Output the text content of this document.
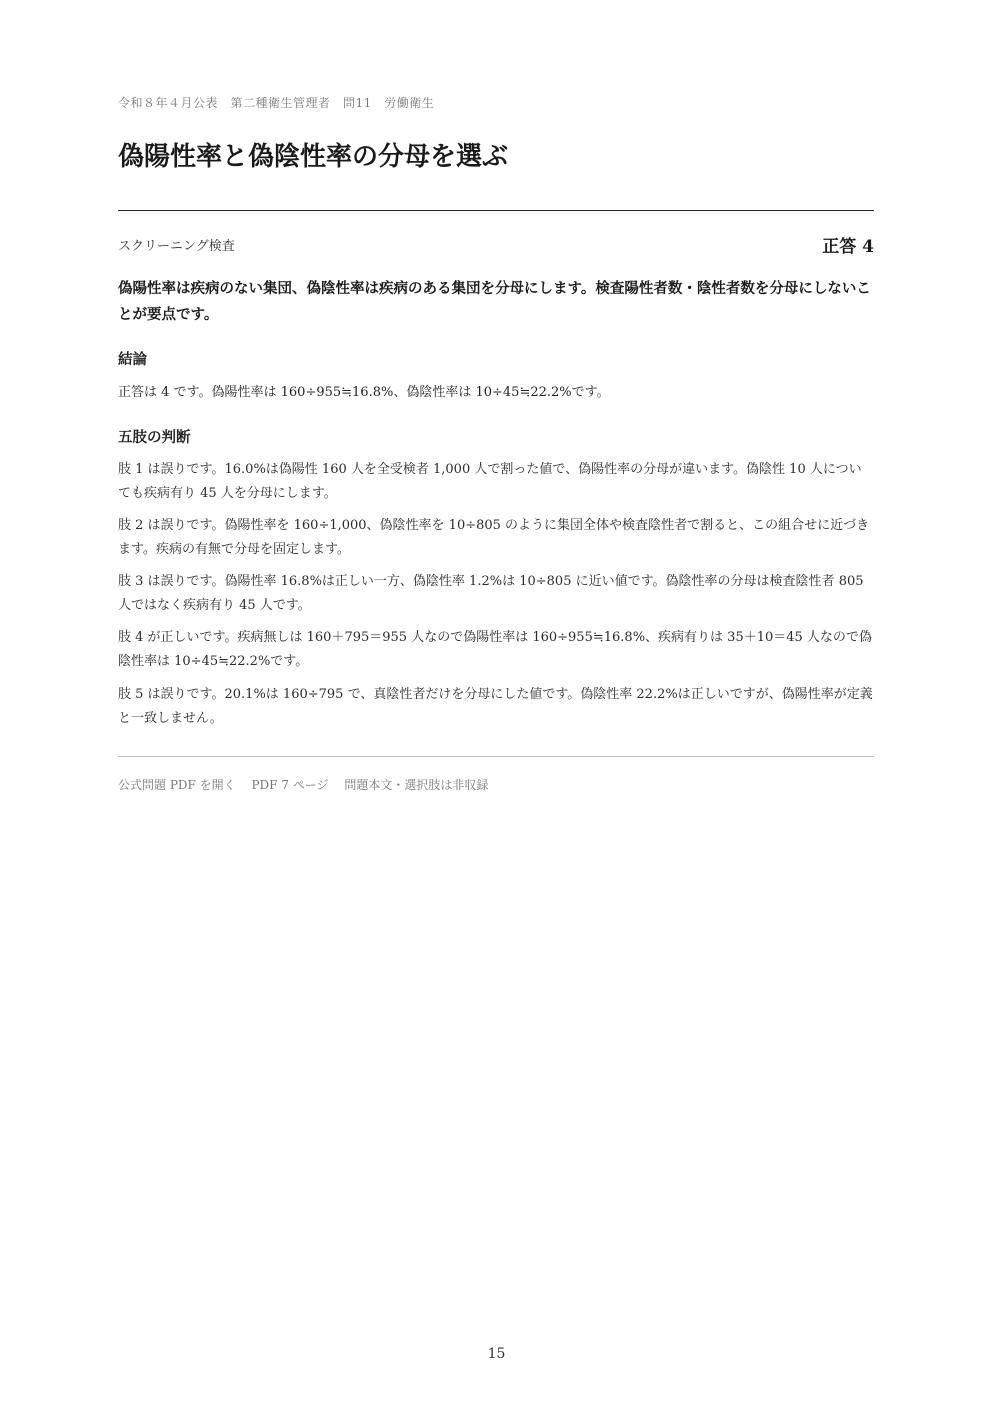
令和８年４月公表　第二種衛生管理者　問11　労働衛生
偽陽性率と偽陰性率の分母を選ぶ
スクリーニング検査	正答 4

偽陽性率は疾病のない集団、偽陰性率は疾病のある集団を分母にします。検査陽性者数・陰性者数を分母にしないことが要点です。

結論

正答は 4 です。偽陽性率は 160÷955≒16.8%、偽陰性率は 10÷45≒22.2%です。

五肢の判断

肢 1 は誤りです。16.0%は偽陽性 160 人を全受検者 1,000 人で割った値で、偽陽性率の分母が違います。偽陰性 10 人についても疾病有り 45 人を分母にします。

肢 2 は誤りです。偽陽性率を 160÷1,000、偽陰性率を 10÷805 のように集団全体や検査陰性者で割ると、この組合せに近づきます。疾病の有無で分母を固定します。

肢 3 は誤りです。偽陽性率 16.8%は正しい一方、偽陰性率 1.2%は 10÷805 に近い値です。偽陰性率の分母は検査陰性者 805 人ではなく疾病有り 45 人です。

肢 4 が正しいです。疾病無しは 160＋795＝955 人なので偽陽性率は 160÷955≒16.8%、疾病有りは 35＋10＝45 人なので偽陰性率は 10÷45≒22.2%です。

肢 5 は誤りです。20.1%は 160÷795 で、真陰性者だけを分母にした値です。偽陰性率 22.2%は正しいですが、偽陽性率が定義と一致しません。

公式問題 PDF を開く PDF 7 ページ 問題本文・選択肢は非収録
15
